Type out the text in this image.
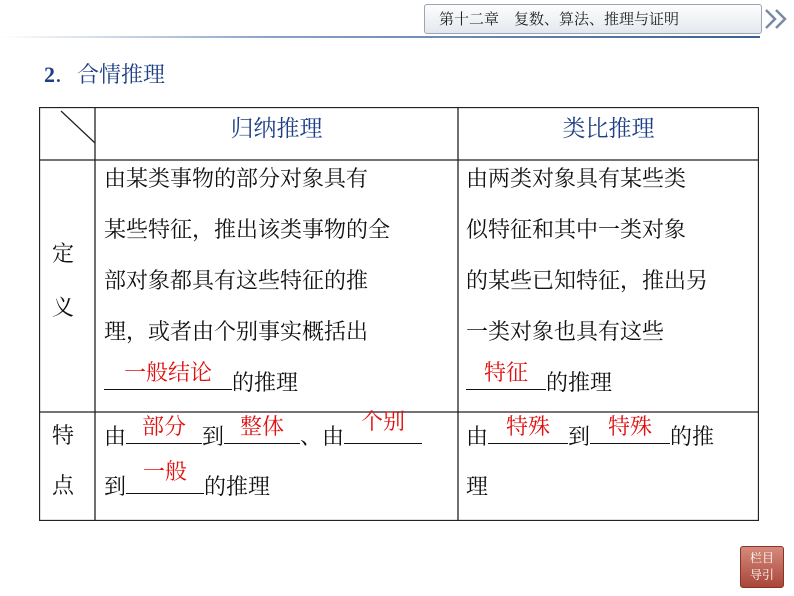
第十二章　复数、算法、推理与证明
2．合情推理
归纳推理	类比推理
定
义
特
点
由某类事物的部分对象具有
某些特征，推出该类事物的全
部对象都具有这些特征的推
理，或者由个别事实概括出
一般结论 的推理
由两类对象具有某些类
似特征和其中一类对象
的某些已知特征，推出另
一类对象也具有这些
特征 的推理
由 部分 到 整体 、由
个别
到
一般
的推理
由 特殊 到 特殊 的推
理
栏目
导引
